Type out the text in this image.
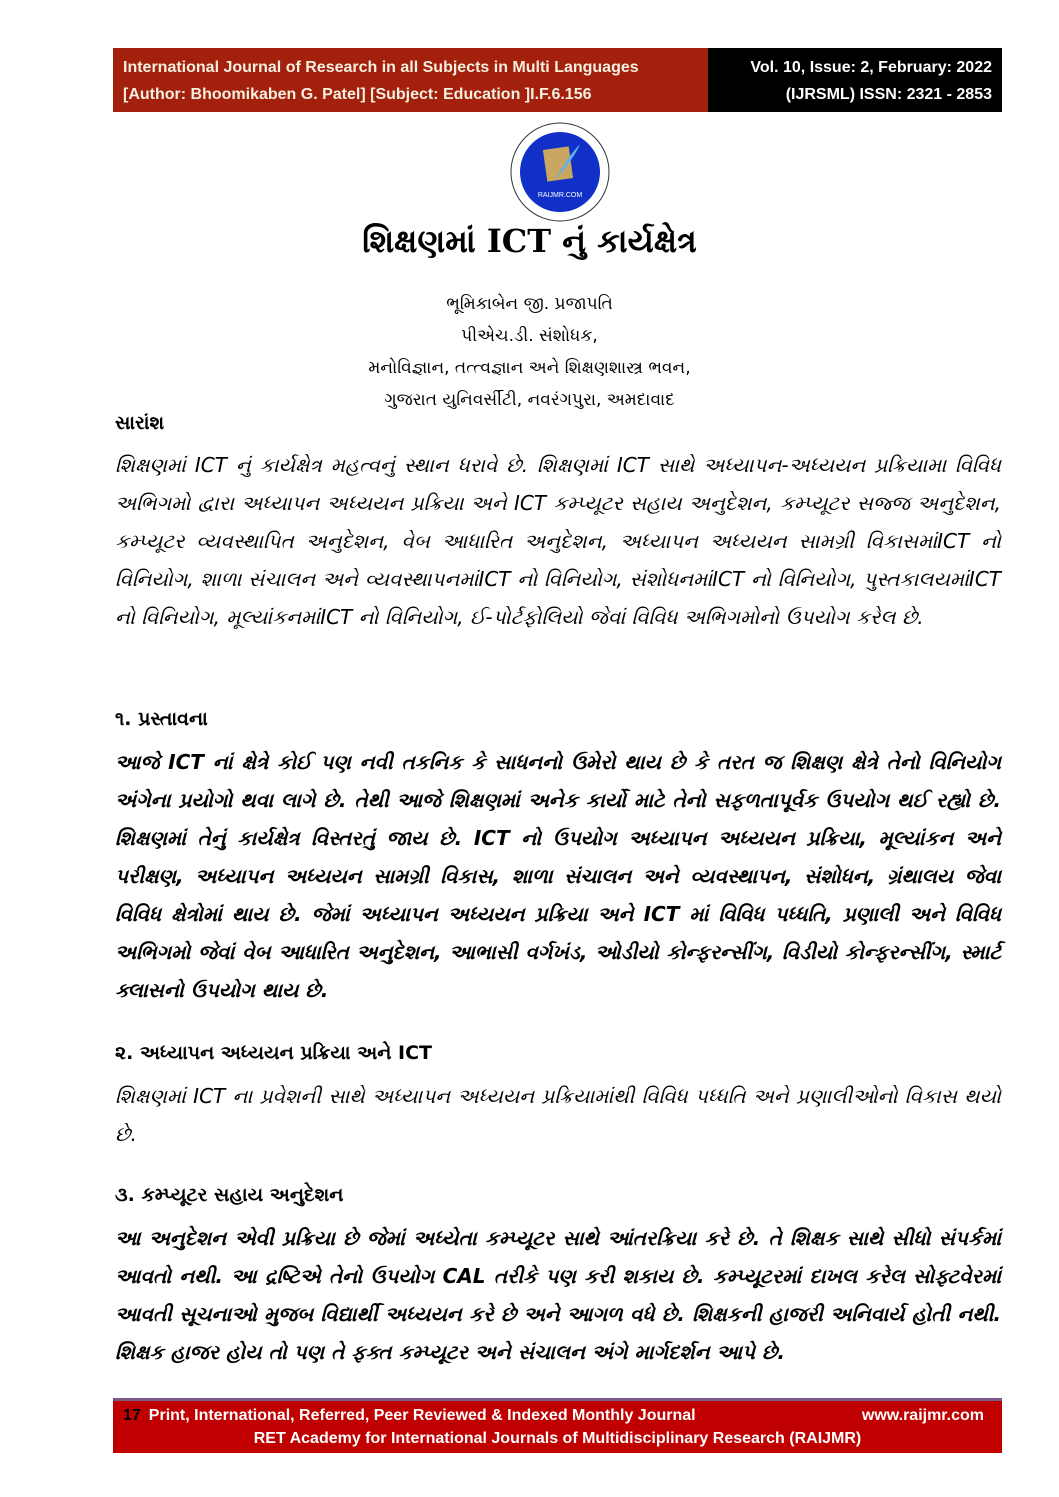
International Journal of Research in all Subjects in Multi Languages
[Author: Bhoomikaben G. Patel] [Subject: Education ]I.F.6.156
Vol. 10, Issue: 2, February: 2022
(IJRSML) ISSN: 2321 - 2853
RAIJMR.COM
શિક્ષણમાં ICT નું કાર્યક્ષેત્ર
ભૂમિકાબેન જી. પ્રજાપતિ
પીએચ.ડી. સંશોધક,
મનોવિજ્ઞાન, તત્ત્વજ્ઞાન અને શિક્ષણશાસ્ત્ર ભવન,
ગુજરાત યુનિવર્સીટી, નવરંગપુરા, અમદાવાદ
સારાંશ
શિક્ષણમાં ICT નું કાર્યક્ષેત્ર મહત્વનું સ્થાન ધરાવે છે. શિક્ષણમાં ICT સાથે અધ્યાપન-અધ્યયન પ્રક્રિયામા વિવિધ અભિગમો દ્વારા અધ્યાપન અધ્યયન પ્રક્રિયા અને ICT કમ્પ્યૂટર સહાય અનુદેશન, કમ્પ્યૂટર સજ્જ અનુદેશન, કમ્પ્યૂટર વ્યવસ્થાપિત અનુદેશન, વેબ આધારિત અનુદેશન, અધ્યાપન અધ્યયન સામગ્રી વિકાસમાંICT નો વિનિયોગ, શાળા સંચાલન અને વ્યવસ્થાપનમાંICT નો વિનિયોગ, સંશોધનમાંICT નો વિનિયોગ, પુસ્તકાલયમાંICT નો વિનિયોગ, મૂલ્યાંકનમાંICT નો વિનિયોગ, ઈ-પોર્ટફોલિયો જેવાં વિવિધ અભિગમોનો ઉપયોગ કરેલ છે.
૧. પ્રસ્તાવના
આજે ICT નાં ક્ષેત્રે કોઈ પણ નવી તકનિક કે સાધનનો ઉમેરો થાય છે કે તરત જ શિક્ષણ ક્ષેત્રે તેનો વિનિયોગ અંગેના પ્રયોગો થવા લાગે છે. તેથી આજે શિક્ષણમાં અનેક કાર્યો માટે તેનો સફળતાપૂર્વક ઉપયોગ થઈ રહ્યો છે. શિક્ષણમાં તેનું કાર્યક્ષેત્ર વિસ્તરતું જાય છે. ICT નો ઉપયોગ અધ્યાપન અધ્યયન પ્રક્રિયા, મૂલ્યાંકન અને પરીક્ષણ, અધ્યાપન અધ્યયન સામગ્રી વિકાસ, શાળા સંચાલન અને વ્યવસ્થાપન, સંશોધન, ગ્રંથાલય જેવા વિવિધ ક્ષેત્રોમાં થાય છે. જેમાં અધ્યાપન અધ્યયન પ્રક્રિયા અને ICT માં વિવિધ પધ્ધતિ, પ્રણાલી અને વિવિધ અભિગમો જેવાં વેબ આધારિત અનુદેશન, આભાસી વર્ગખંડ, ઓડીયો કોન્ફરન્સીંગ, વિડીયો કોન્ફરન્સીંગ, સ્માર્ટ ક્લાસનો ઉપયોગ થાય છે.
૨. અધ્યાપન અધ્યયન પ્રક્રિયા અને ICT
શિક્ષણમાં ICT ના પ્રવેશની સાથે અધ્યાપન અધ્યયન પ્રક્રિયામાંથી વિવિધ પધ્ધતિ અને પ્રણાલીઓનો વિકાસ થયો છે.
૩. કમ્પ્યૂટર સહાય અનુદેશન
આ અનુદેશન એવી પ્રક્રિયા છે જેમાં અધ્યેતા કમ્પ્યૂટર સાથે આંતરક્રિયા કરે છે. તે શિક્ષક સાથે સીધો સંપર્કમાં આવતો નથી. આ દ્રષ્ટિએ તેનો ઉપયોગ CAL તરીકે પણ કરી શકાય છે. કમ્પ્યૂટરમાં દાખલ કરેલ સોફ્ટવેરમાં આવતી સૂચનાઓ મુજબ વિદ્યાર્થી અધ્યયન કરે છે અને આગળ વધે છે. શિક્ષકની હાજરી અનિવાર્ય હોતી નથી. શિક્ષક હાજર હોય તો પણ તે ફક્ત કમ્પ્યૂટર અને સંચાલન અંગે માર્ગદર્શન આપે છે.
17 Print, International, Referred, Peer Reviewed & Indexed Monthly Journal	www.raijmr.com
RET Academy for International Journals of Multidisciplinary Research (RAIJMR)
